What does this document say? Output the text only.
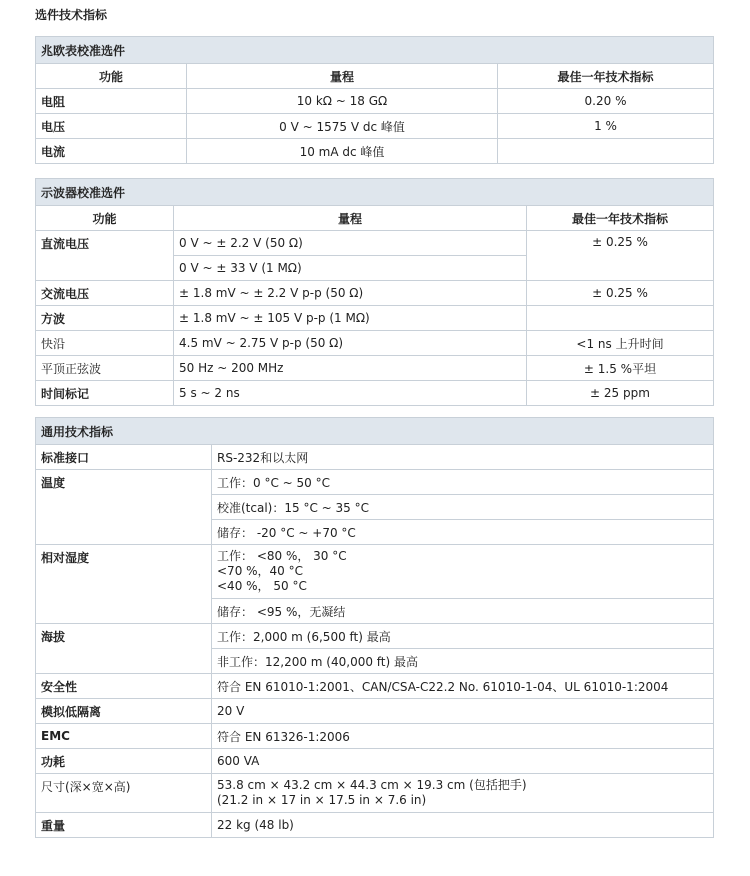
选件技术指标
兆欧表校准选件		
功能	量程	最佳一年技术指标
电阻	10 kΩ ~ 18 GΩ	0.20 %
电压	0 V ~ 1575 V dc 峰值	1 %
电流	10 mA dc 峰值	
示波器校准选件		
功能	量程	最佳一年技术指标
直流电压	0 V ~ ± 2.2 V (50 Ω)	± 0.25 %
	0 V ~ ± 33 V (1 MΩ)	
交流电压	± 1.8 mV ~ ± 2.2 V p-p (50 Ω)	± 0.25 %
方波	± 1.8 mV ~ ± 105 V p-p (1 MΩ)	
快沿	4.5 mV ~ 2.75 V p-p (50 Ω)	<1 ns 上升时间
平顶正弦波	50 Hz ~ 200 MHz	± 1.5 %平坦
时间标记	5 s ~ 2 ns	± 25 ppm
通用技术指标	
标准接口	RS-232和以太网
温度	工作：0 °C ~ 50 °C
	校准(tcal)：15 °C ~ 35 °C
	储存： -20 °C ~ +70 °C
相对湿度	工作： <80 %， 30 °C
<70 %，40 °C
<40 %， 50 °C

	储存： <95 %，无凝结
海拔	工作：2,000 m (6,500 ft) 最高
	非工作：12,200 m (40,000 ft) 最高
安全性	符合 EN 61010-1:2001、CAN/CSA-C22.2 No. 61010-1-04、UL 61010-1:2004
模拟低隔离	20 V
EMC	符合 EN 61326-1:2006
功耗	600 VA
尺寸(深×宽×高)	53.8 cm × 43.2 cm × 44.3 cm × 19.3 cm (包括把手)
(21.2 in × 17 in × 17.5 in × 7.6 in)

重量	22 kg (48 lb)
